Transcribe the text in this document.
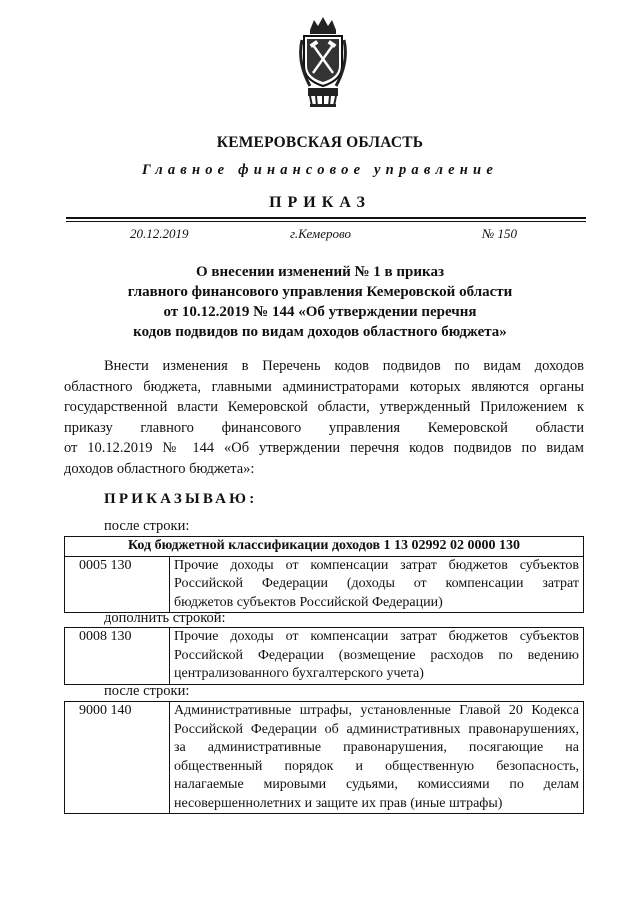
КЕМЕРОВСКАЯ ОБЛАСТЬ
Главное финансовое управление
ПРИКАЗ
20.12.2019	г.Кемерово	№ 150
О внесении изменений № 1 в приказ
главного финансового управления Кемеровской области
от 10.12.2019 № 144 «Об утверждении перечня
кодов подвидов по видам доходов областного бюджета»
Внести изменения в Перечень кодов подвидов по видам доходов
областного бюджета, главными администраторами которых являются органы
государственной власти Кемеровской области, утвержденный Приложением к
приказу главного финансового управления Кемеровской области
от 10.12.2019 № 144 «Об утверждении перечня кодов подвидов по видам
доходов областного бюджета»:
ПРИКАЗЫВАЮ:
после строки:
Код бюджетной классификации доходов 1 13 02992 02 0000 130
0005 130	Прочие доходы от компенсации затрат бюджетов субъектов
Российской Федерации (доходы от компенсации затрат
бюджетов субъектов Российской Федерации)
дополнить строкой:
0008 130	Прочие доходы от компенсации затрат бюджетов субъектов
Российской Федерации (возмещение расходов по ведению
централизованного бухгалтерского учета)
после строки:
9000 140	Административные штрафы, установленные Главой 20 Кодекса
Российской Федерации об административных правонарушениях,
за административные правонарушения, посягающие на
общественный порядок и общественную безопасность,
налагаемые мировыми судьями, комиссиями по делам
несовершеннолетних и защите их прав (иные штрафы)
